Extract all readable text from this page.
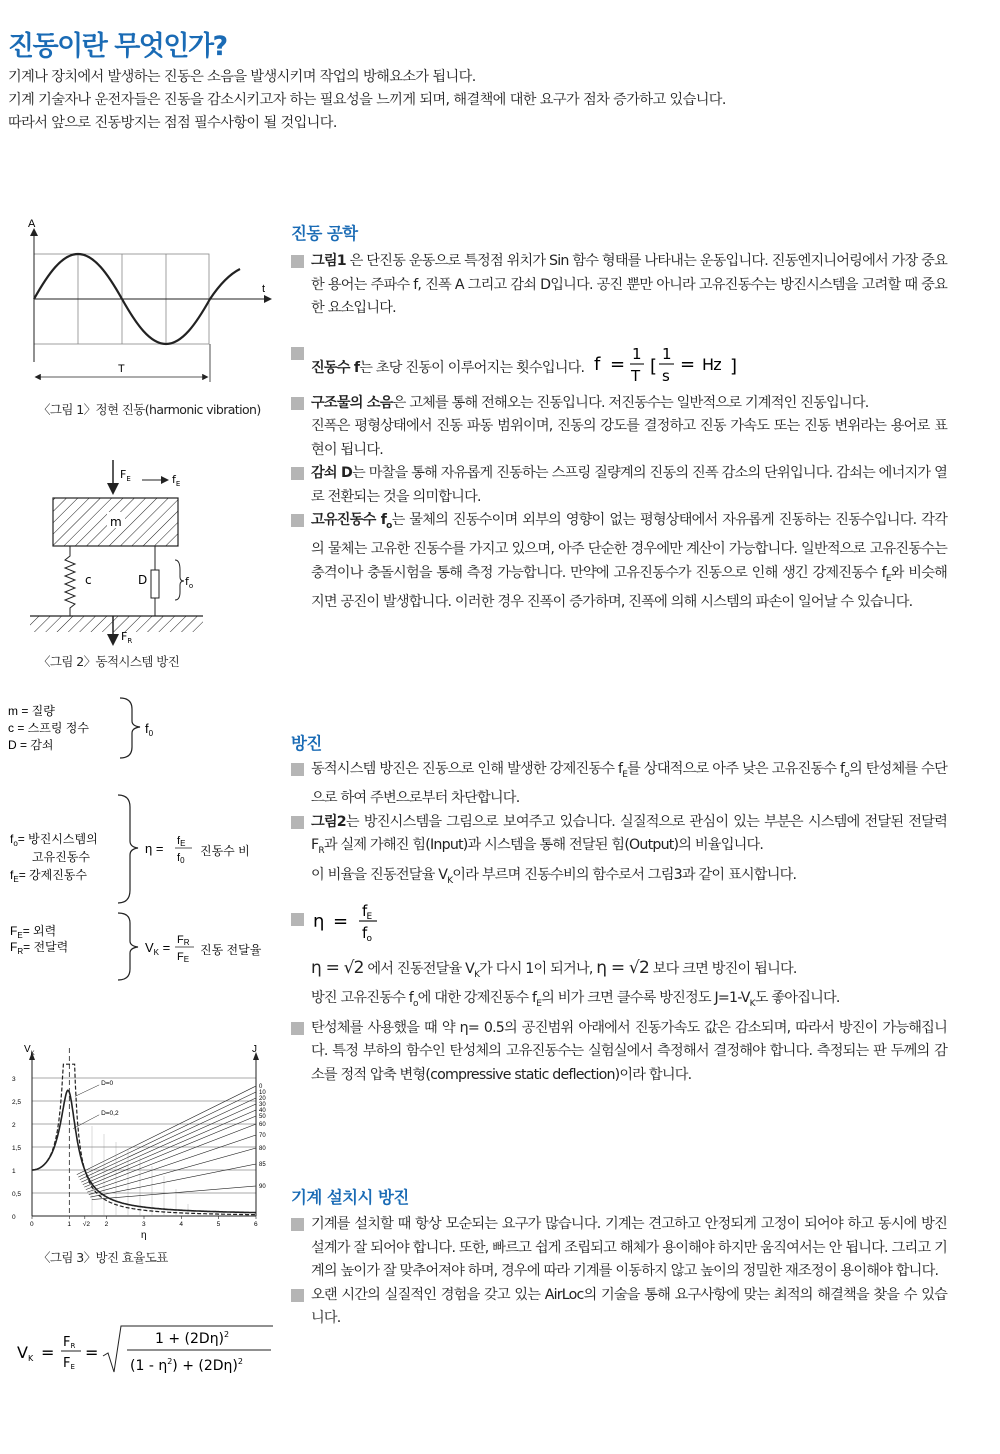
진동이란 무엇인가?
기계나 장치에서 발생하는 진동은 소음을 발생시키며 작업의 방해요소가 됩니다.
기계 기술자나 운전자들은 진동을 감소시키고자 하는 필요성을 느끼게 되며, 해결책에 대한 요구가 점차 증가하고 있습니다.
따라서 앞으로 진동방지는 점점 필수사항이 될 것입니다.
A
t
T
〈그림 1〉정현 진동(harmonic vibration)
$F_E$	$f_E$
m
c	D	$f_o$
$F_R$
〈그림 2〉동적시스템 방진
m = 질량
c = 스프링 정수
D = 감쇠
$f_0$
$f_o=$ 방진시스템의
고유진동수
$f_E=$ 강제진동수
η = fE
f0
진동수 비
$F_E=$ 외력
$F_R=$ 전달력	$V_K$ = FR
FE
진동 전달율
3
2,5
2
1,5
1
0,5
0
0	1 √2 2	3	4	5	6
0
10
20
30
40
50
60
70
80
85
90
D=0
D=0,2
$V_K$	J
η
〈그림 3〉방진 효율도표
VK =
FR
FE
=
$1 + (2D\eta)^2$
$(1 - \eta^2) + (2D\eta)^2$
진동 공학
그림1 은 단진동 운동으로 특정점 위치가 Sin 함수 형태를 나타내는 운동입니다. 진동엔지니어링에서 가장 중요한 용어는 주파수 f, 진폭 A 그리고 감쇠 D입니다. 공진 뿐만 아니라 고유진동수는 방진시스템을 고려할 때 중요한 요소입니다.
진동수 f는 초당 진동이 이루어지는 횟수입니다. f = 1
T [
1
s
= Hz ]
구조물의 소음은 고체를 통해 전해오는 진동입니다. 저진동수는 일반적으로 기계적인 진동입니다.
진폭은 평형상태에서 진동 파동 범위이며, 진동의 강도를 결정하고 진동 가속도 또는 진동 변위라는 용어로 표현이 됩니다.
감쇠 D는 마찰을 통해 자유롭게 진동하는 스프링 질량계의 진동의 진폭 감소의 단위입니다. 감쇠는 에너지가 열로 전환되는 것을 의미합니다.
고유진동수 $f_o$는 물체의 진동수이며 외부의 영향이 없는 평형상태에서 자유롭게 진동하는 진동수입니다. 각각의 물체는 고유한 진동수를 가지고 있으며, 아주 단순한 경우에만 계산이 가능합니다. 일반적으로 고유진동수는 충격이나 충돌시험을 통해 측정 가능합니다. 만약에 고유진동수가 진동으로 인해 생긴 강제진동수 $f_E$와 비슷해지면 공진이 발생합니다. 이러한 경우 진폭이 증가하며, 진폭에 의해 시스템의 파손이 일어날 수 있습니다.
방진
동적시스템 방진은 진동으로 인해 발생한 강제진동수 $f_E$를 상대적으로 아주 낮은 고유진동수 $f_o$의 탄성체를 수단으로 하여 주변으로부터 차단합니다.
그림2는 방진시스템을 그림으로 보여주고 있습니다. 실질적으로 관심이 있는 부분은 시스템에 전달된 전달력 $F_R$과 실제 가해진 힘(Input)과 시스템을 통해 전달된 힘(Output)의 비율입니다.
이 비율을 진동전달율 $V_K$이라 부르며 진동수비의 함수로서 그림3과 같이 표시합니다.
$\eta = f_E$
$f_o$
η = √2 에서 진동전달율 $V_K$가 다시 1이 되거나, η = √2 보다 크면 방진이 됩니다.
방진 고유진동수 $f_o$에 대한 강제진동수 $f_E$의 비가 크면 클수록 방진정도 $J=1-V_K$도 좋아집니다.
탄성체를 사용했을 때 약 η= 0.5의 공진범위 아래에서 진동가속도 값은 감소되며, 따라서 방진이 가능해집니다. 특정 부하의 함수인 탄성체의 고유진동수는 실험실에서 측정해서 결정해야 합니다. 측정되는 판 두께의 감소를 정적 압축 변형(compressive static deflection)이라 합니다.
기계 설치시 방진
기계를 설치할 때 항상 모순되는 요구가 많습니다. 기계는 견고하고 안정되게 고정이 되어야 하고 동시에 방진설계가 잘 되어야 합니다. 또한, 빠르고 쉽게 조립되고 해체가 용이해야 하지만 움직여서는 안 됩니다. 그리고 기계의 높이가 잘 맞추어져야 하며, 경우에 따라 기계를 이동하지 않고 높이의 정밀한 재조정이 용이해야 합니다.
오랜 시간의 실질적인 경험을 갖고 있는 AirLoc의 기술을 통해 요구사항에 맞는 최적의 해결책을 찾을 수 있습니다.
